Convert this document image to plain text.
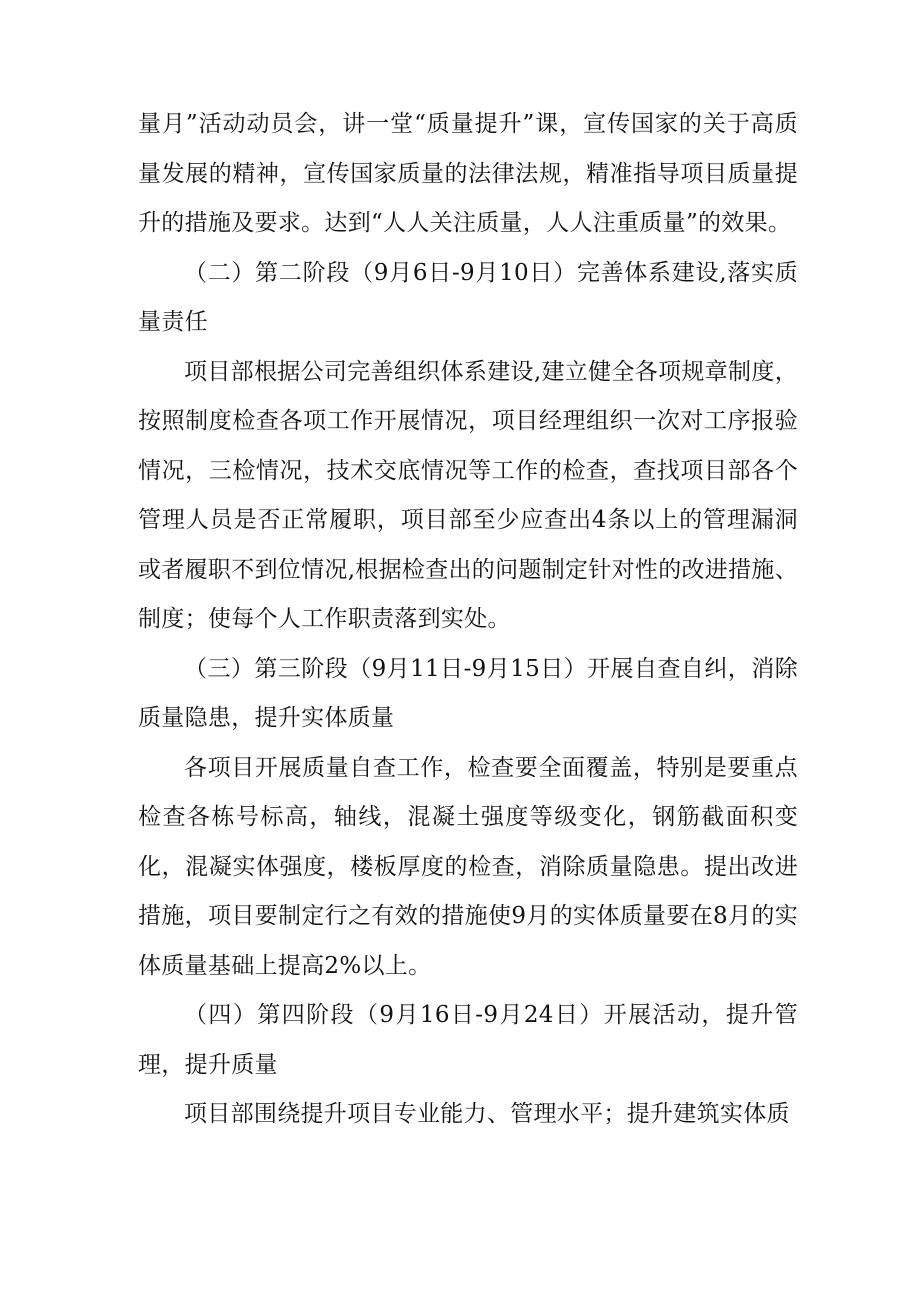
量月”活动动员会，讲一堂“质量提升”课，宣传国家的关于高质量发展的精神，宣传国家质量的法律法规，精准指导项目质量提升的措施及要求。达到“人人关注质量，人人注重质量”的效果。

（二）第二阶段（9月6日-9月10日）完善体系建设,落实质量责任

项目部根据公司完善组织体系建设,建立健全各项规章制度，按照制度检查各项工作开展情况，项目经理组织一次对工序报验情况，三检情况，技术交底情况等工作的检查，查找项目部各个管理人员是否正常履职，项目部至少应查出4条以上的管理漏洞或者履职不到位情况,根据检查出的问题制定针对性的改进措施、制度；使每个人工作职责落到实处。

（三）第三阶段（9月11日-9月15日）开展自查自纠，消除质量隐患，提升实体质量

各项目开展质量自查工作，检查要全面覆盖，特别是要重点检查各栋号标高，轴线，混凝土强度等级变化，钢筋截面积变化，混凝实体强度，楼板厚度的检查，消除质量隐患。提出改进措施，项目要制定行之有效的措施使9月的实体质量要在8月的实体质量基础上提高2%以上。

（四）第四阶段（9月16日-9月24日）开展活动，提升管理，提升质量

项目部围绕提升项目专业能力、管理水平；提升建筑实体质
